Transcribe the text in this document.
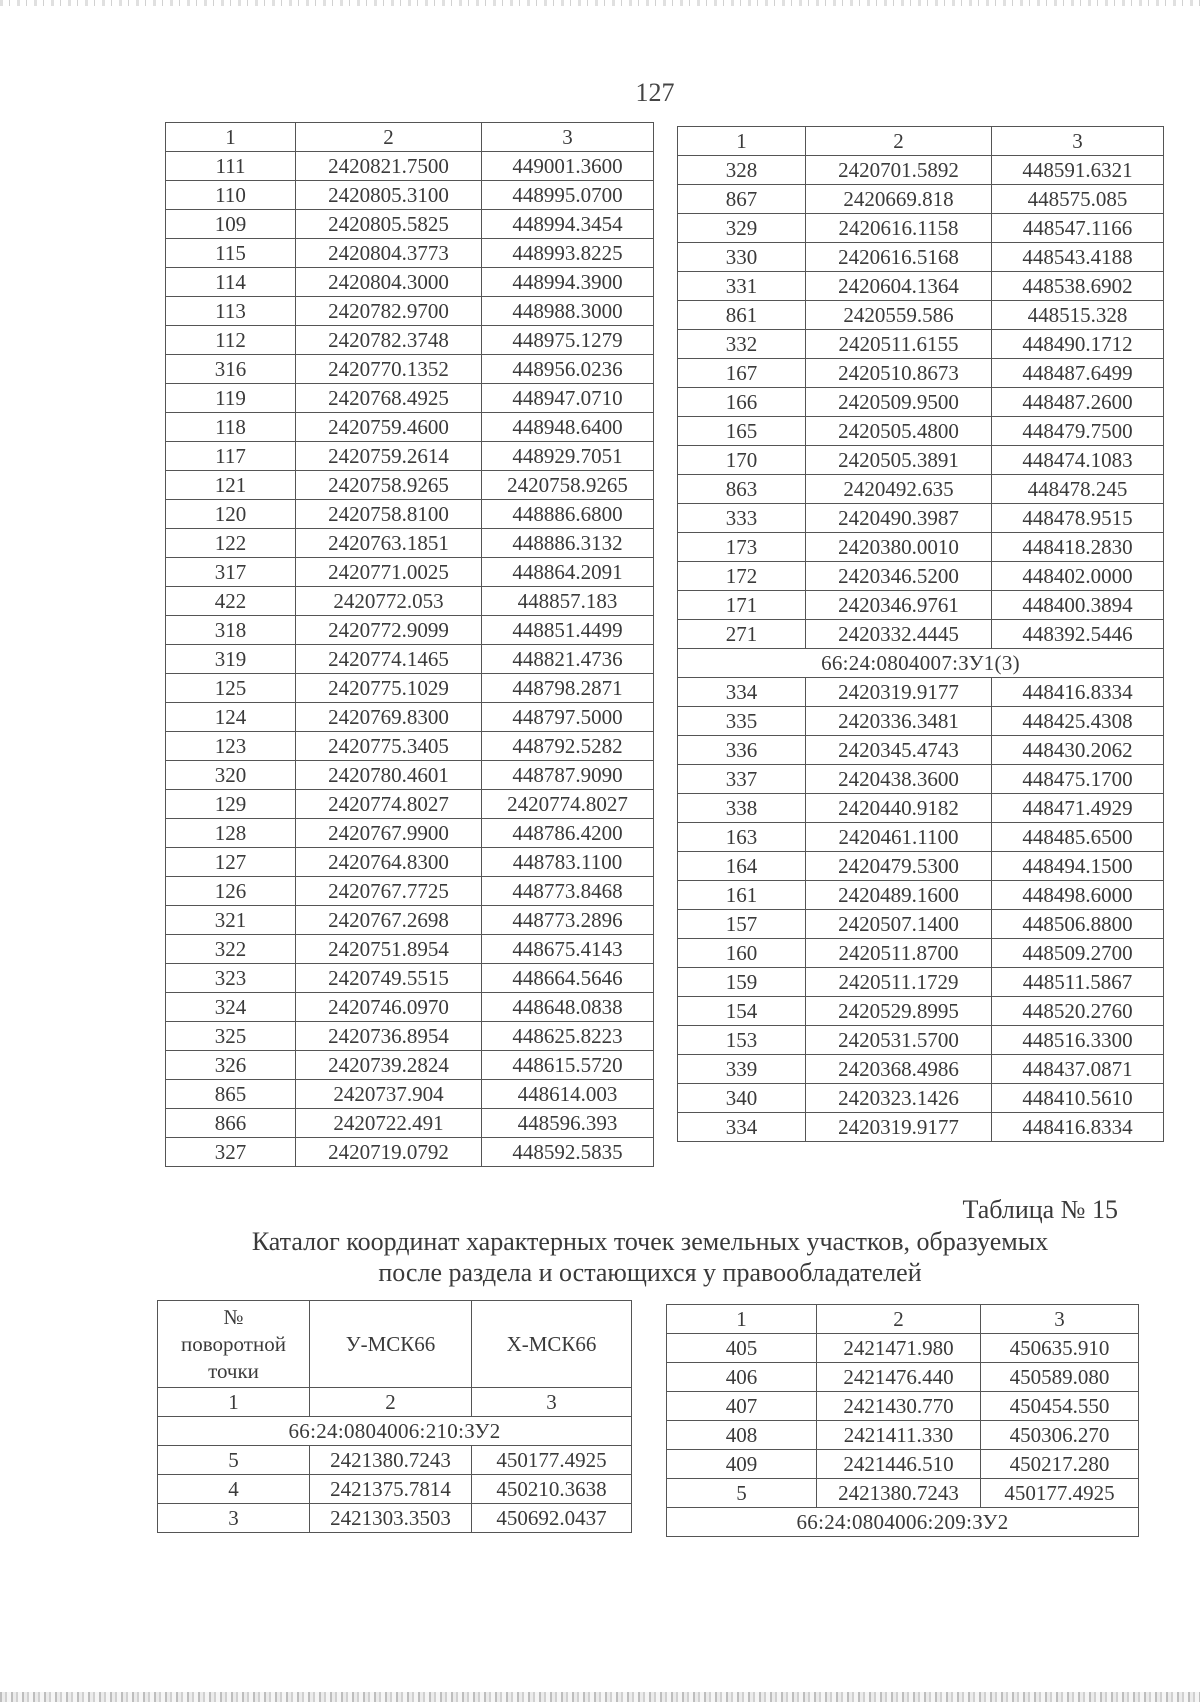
127
1	2	3
111	2420821.7500	449001.3600
110	2420805.3100	448995.0700
109	2420805.5825	448994.3454
115	2420804.3773	448993.8225
114	2420804.3000	448994.3900
113	2420782.9700	448988.3000
112	2420782.3748	448975.1279
316	2420770.1352	448956.0236
119	2420768.4925	448947.0710
118	2420759.4600	448948.6400
117	2420759.2614	448929.7051
121	2420758.9265	2420758.9265
120	2420758.8100	448886.6800
122	2420763.1851	448886.3132
317	2420771.0025	448864.2091
422	2420772.053	448857.183
318	2420772.9099	448851.4499
319	2420774.1465	448821.4736
125	2420775.1029	448798.2871
124	2420769.8300	448797.5000
123	2420775.3405	448792.5282
320	2420780.4601	448787.9090
129	2420774.8027	2420774.8027
128	2420767.9900	448786.4200
127	2420764.8300	448783.1100
126	2420767.7725	448773.8468
321	2420767.2698	448773.2896
322	2420751.8954	448675.4143
323	2420749.5515	448664.5646
324	2420746.0970	448648.0838
325	2420736.8954	448625.8223
326	2420739.2824	448615.5720
865	2420737.904	448614.003
866	2420722.491	448596.393
327	2420719.0792	448592.5835
1	2	3
328	2420701.5892	448591.6321
867	2420669.818	448575.085
329	2420616.1158	448547.1166
330	2420616.5168	448543.4188
331	2420604.1364	448538.6902
861	2420559.586	448515.328
332	2420511.6155	448490.1712
167	2420510.8673	448487.6499
166	2420509.9500	448487.2600
165	2420505.4800	448479.7500
170	2420505.3891	448474.1083
863	2420492.635	448478.245
333	2420490.3987	448478.9515
173	2420380.0010	448418.2830
172	2420346.5200	448402.0000
171	2420346.9761	448400.3894
271	2420332.4445	448392.5446
66:24:0804007:ЗУ1(3)		
334	2420319.9177	448416.8334
335	2420336.3481	448425.4308
336	2420345.4743	448430.2062
337	2420438.3600	448475.1700
338	2420440.9182	448471.4929
163	2420461.1100	448485.6500
164	2420479.5300	448494.1500
161	2420489.1600	448498.6000
157	2420507.1400	448506.8800
160	2420511.8700	448509.2700
159	2420511.1729	448511.5867
154	2420529.8995	448520.2760
153	2420531.5700	448516.3300
339	2420368.4986	448437.0871
340	2420323.1426	448410.5610
334	2420319.9177	448416.8334
Таблица № 15
Каталог координат характерных точек земельных участков, образуемых
после раздела и остающихся у правообладателей
№
поворотной
точки	У-МСК66	Х-МСК66
1	2	3
66:24:0804006:210:ЗУ2		
5	2421380.7243	450177.4925
4	2421375.7814	450210.3638
3	2421303.3503	450692.0437
1	2	3
405	2421471.980	450635.910
406	2421476.440	450589.080
407	2421430.770	450454.550
408	2421411.330	450306.270
409	2421446.510	450217.280
5	2421380.7243	450177.4925
66:24:0804006:209:ЗУ2		
